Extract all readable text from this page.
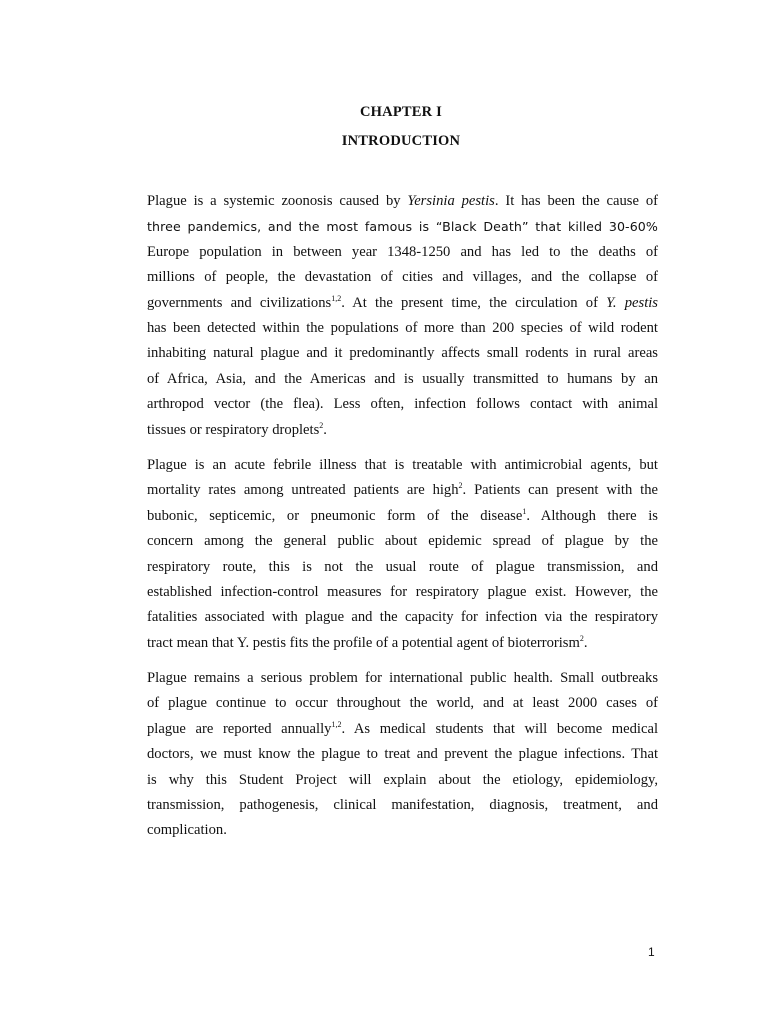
CHAPTER I
INTRODUCTION

Plague is a systemic zoonosis caused by Yersinia pestis. It has been the cause of
three pandemics, and the most famous is “Black Death” that killed 30-60%
Europe population in between year 1348-1250 and has led to the deaths of
millions of people, the devastation of cities and villages, and the collapse of
governments and civilizations$^{1,2}$. At the present time, the circulation of Y. pestis
has been detected within the populations of more than 200 species of wild rodent
inhabiting natural plague and it predominantly affects small rodents in rural areas
of Africa, Asia, and the Americas and is usually transmitted to humans by an
arthropod vector (the flea). Less often, infection follows contact with animal
tissues or respiratory droplets$^2$.

Plague is an acute febrile illness that is treatable with antimicrobial agents, but
mortality rates among untreated patients are high$^2$. Patients can present with the
bubonic, septicemic, or pneumonic form of the disease$^1$. Although there is
concern among the general public about epidemic spread of plague by the
respiratory route, this is not the usual route of plague transmission, and
established infection-control measures for respiratory plague exist. However, the
fatalities associated with plague and the capacity for infection via the respiratory
tract mean that Y. pestis fits the profile of a potential agent of bioterrorism$^2$.

Plague remains a serious problem for international public health. Small outbreaks
of plague continue to occur throughout the world, and at least 2000 cases of
plague are reported annually$^{1,2}$. As medical students that will become medical
doctors, we must know the plague to treat and prevent the plague infections. That
is why this Student Project will explain about the etiology, epidemiology,
transmission, pathogenesis, clinical manifestation, diagnosis, treatment, and
complication.

1
